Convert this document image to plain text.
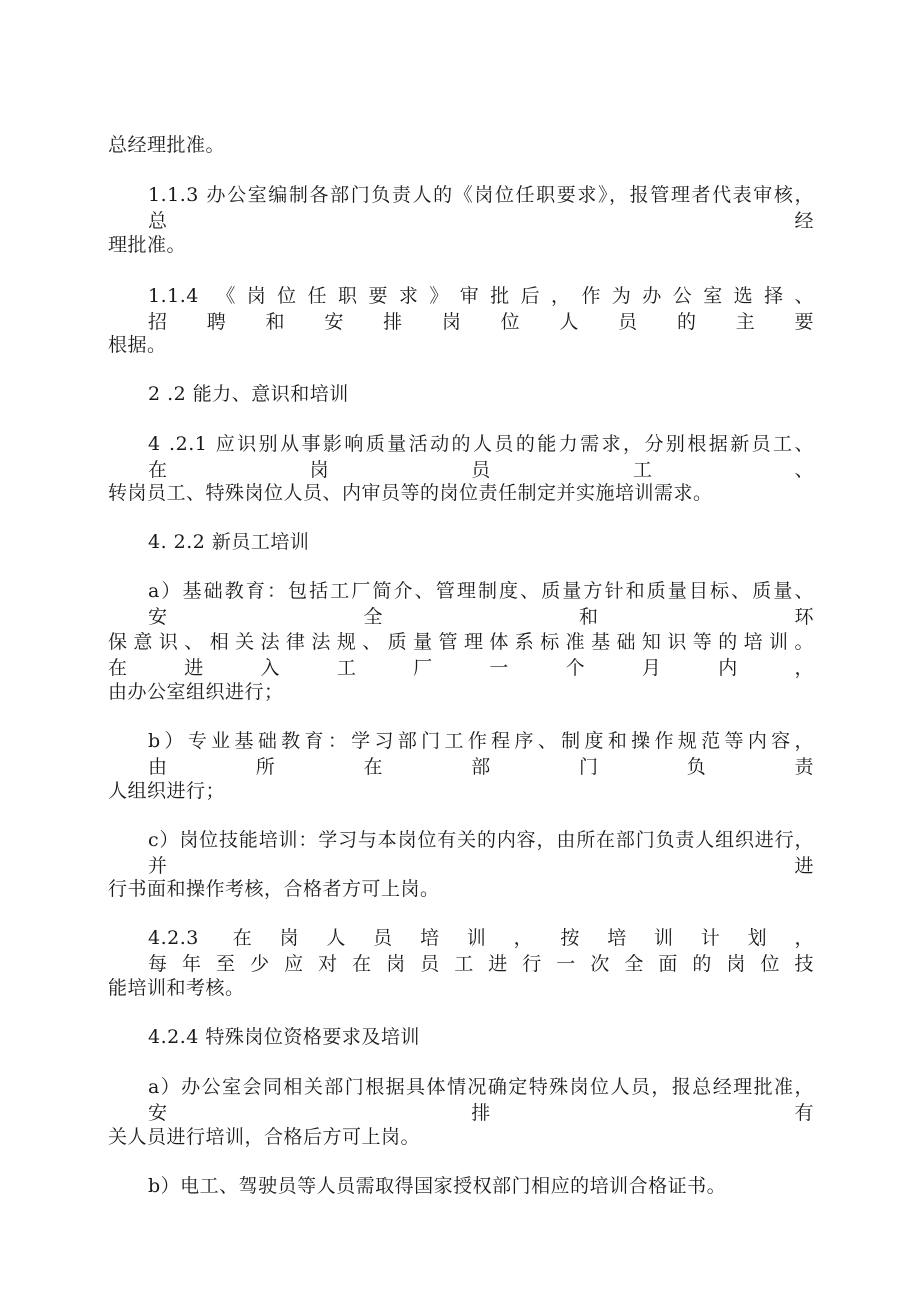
总经理批准。
1.1.3 办公室编制各部门负责人的《岗位任职要求》，报管理者代表审核，总经
理批准。
1.1.4 《岗位任职要求》审批后，作为办公室选择、招聘和安排岗位人员的主要
根据。
2 .2 能力、意识和培训
4 .2.1 应识别从事影响质量活动的人员的能力需求，分别根据新员工、在岗员工、
转岗员工、特殊岗位人员、内审员等的岗位责任制定并实施培训需求。
4. 2.2 新员工培训
a）基础教育：包括工厂简介、管理制度、质量方针和质量目标、质量、安全和环
保意识、相关法律法规、质量管理体系标准基础知识等的培训。在进入工厂一个月内，
由办公室组织进行；
b）专业基础教育：学习部门工作程序、制度和操作规范等内容，由所在部门负责
人组织进行；
c）岗位技能培训：学习与本岗位有关的内容，由所在部门负责人组织进行，并进
行书面和操作考核，合格者方可上岗。
4.2.3 在岗人员培训，按培训计划，每年至少应对在岗员工进行一次全面的岗位技
能培训和考核。
4.2.4 特殊岗位资格要求及培训
a）办公室会同相关部门根据具体情况确定特殊岗位人员，报总经理批准，安排有
关人员进行培训，合格后方可上岗。
b）电工、驾驶员等人员需取得国家授权部门相应的培训合格证书。
